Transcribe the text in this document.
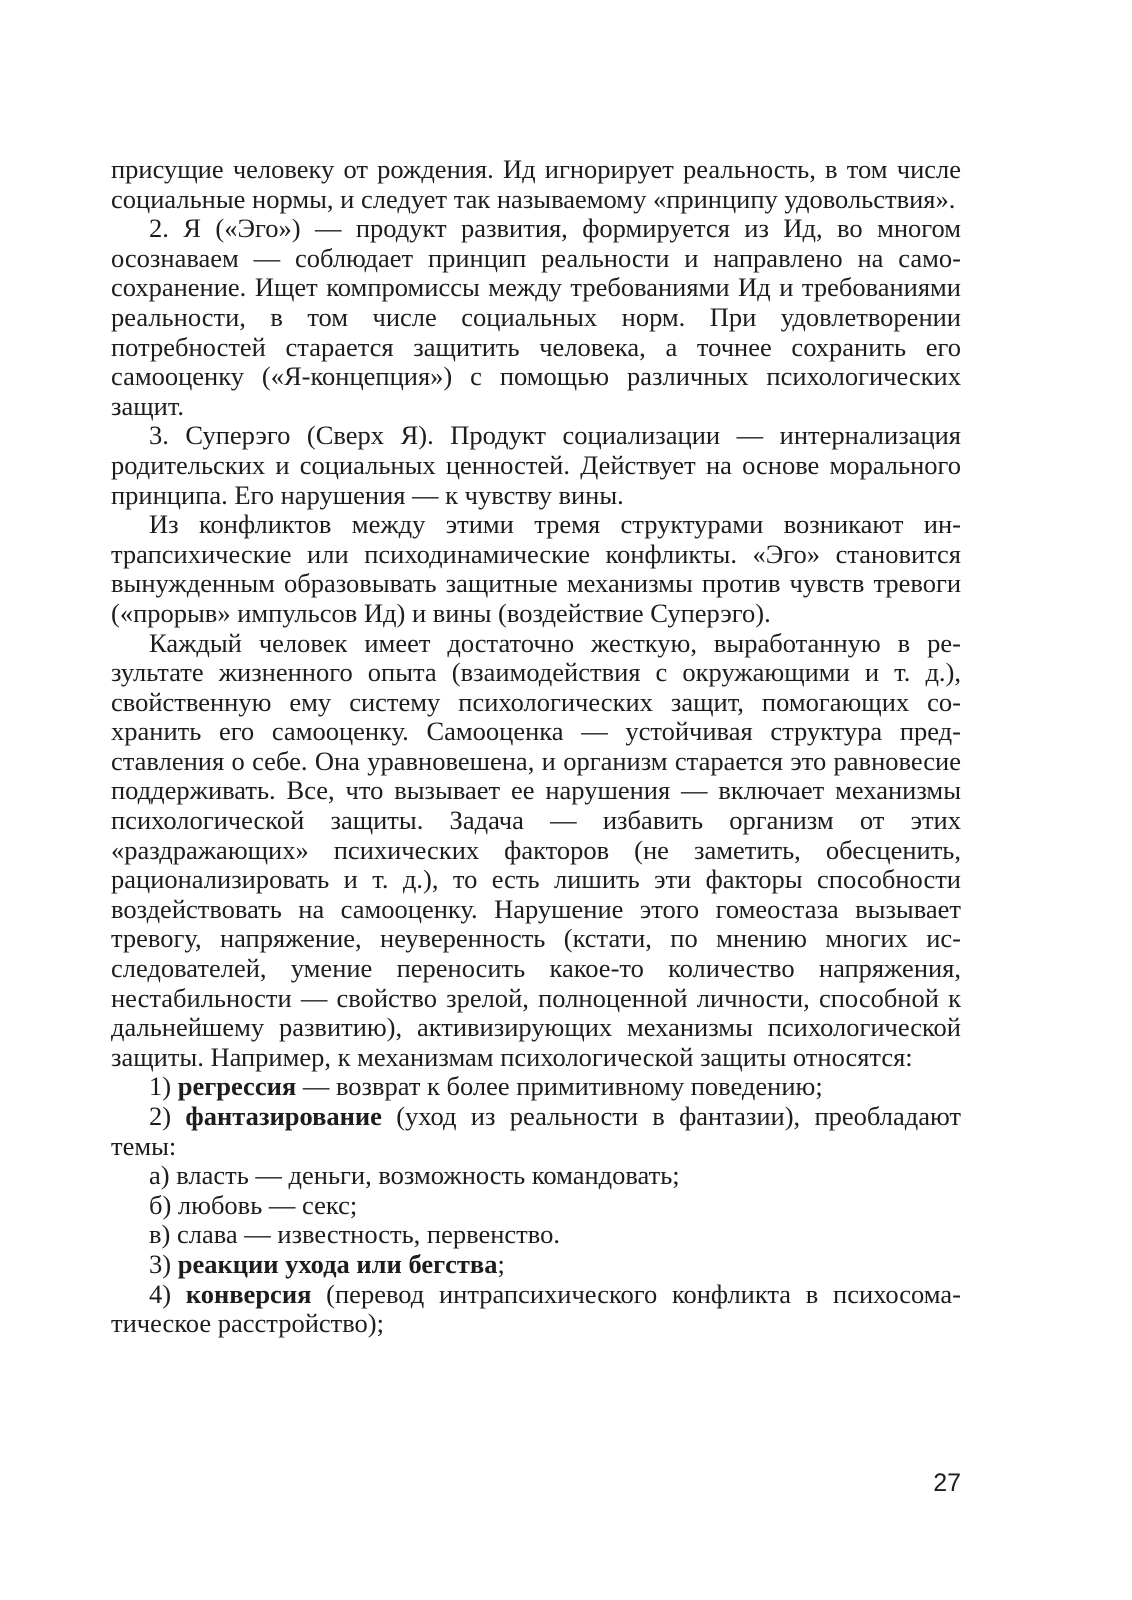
присущие человеку от рождения. Ид игнорирует реальность, в том числе социальные нормы, и следует так называемому «принципу удовольствия».

2. Я («Эго») — продукт развития, формируется из Ид, во многом осознаваем — соблюдает принцип реальности и направлено на самосохранение. Ищет компромиссы между требованиями Ид и требованиями реальности, в том числе социальных норм. При удовлетворении потребностей старается защитить человека, а точнее сохранить его самооценку («Я-концепция») с помощью различных психологических защит.

3. Суперэго (Сверх Я). Продукт социализации — интернализация родительских и социальных ценностей. Действует на основе морального принципа. Его нарушения — к чувству вины.

Из конфликтов между этими тремя структурами возникают интрапсихические или психодинамические конфликты. «Эго» становится вынужденным образовывать защитные механизмы против чувств тревоги («прорыв» импульсов Ид) и вины (воздействие Суперэго).

Каждый человек имеет достаточно жесткую, выработанную в результате жизненного опыта (взаимодействия с окружающими и т. д.), свойственную ему систему психологических защит, помогающих сохранить его самооценку. Самооценка — устойчивая структура представления о себе. Она уравновешена, и организм старается это равновесие поддерживать. Все, что вызывает ее нарушения — включает механизмы психологической защиты. Задача — избавить организм от этих «раздражающих» психических факторов (не заметить, обесценить, рационализировать и т. д.), то есть лишить эти факторы способности воздействовать на самооценку. Нарушение этого гомеостаза вызывает тревогу, напряжение, неуверенность (кстати, по мнению многих исследователей, умение переносить какое-то количество напряжения, нестабильности — свойство зрелой, полноценной личности, способной к дальнейшему развитию), активизирующих механизмы психологической защиты. Например, к механизмам психологической защиты относятся:

1) регрессия — возврат к более примитивному поведению;

2) фантазирование (уход из реальности в фантазии), преобладают темы:

а) власть — деньги, возможность командовать;

б) любовь — секс;

в) слава — известность, первенство.

3) реакции ухода или бегства;

4) конверсия (перевод интрапсихического конфликта в психосоматическое расстройство);

27
